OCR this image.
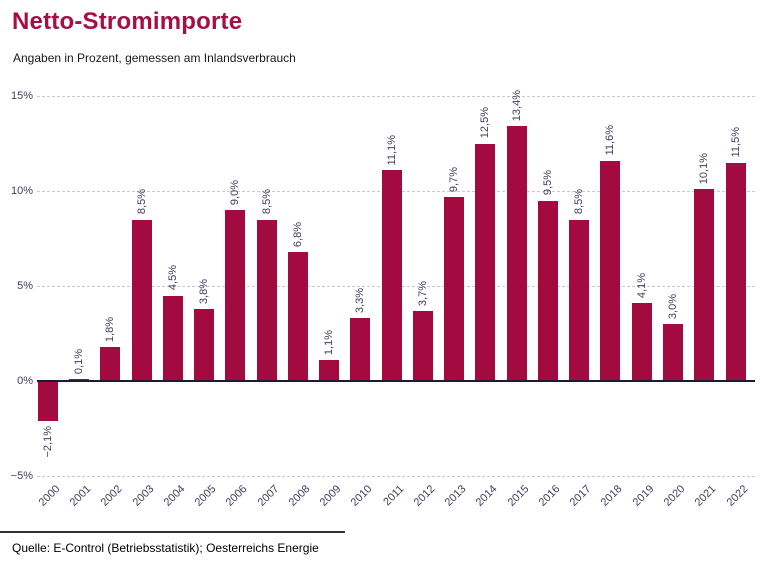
Netto-Stromimporte
Angaben in Prozent, gemessen am Inlandsverbrauch
15%
10%
5%
0%
−5%
−2,1%
2000
0,1%
2001
1,8%
2002
8,5%
2003
4,5%
2004
3,8%
2005
9,0%
2006
8,5%
2007
6,8%
2008
1,1%
2009
3,3%
2010
11,1%
2011
3,7%
2012
9,7%
2013
12,5%
2014
13,4%
2015
9,5%
2016
8,5%
2017
11,6%
2018
4,1%
2019
3,0%
2020
10,1%
2021
11,5%
2022
Quelle: E-Control (Betriebsstatistik); Oesterreichs Energie
